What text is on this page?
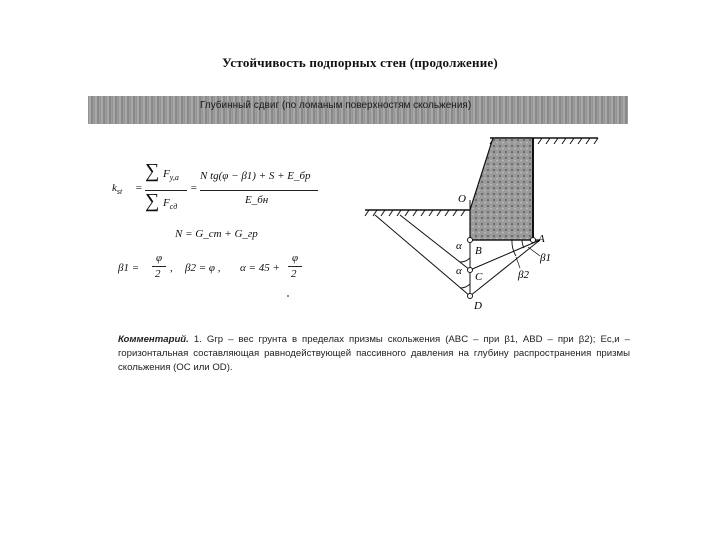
Устойчивость подпорных стен (продолжение)
Глубинный сдвиг (по ломаным поверхностям скольжения)
$k_{st}$ =
∑ $F_{y,a}$
∑ $F_{сд}$
=
N tg(φ − β1) + S + E_бр
E_бн
N = G_ст + G_гр
β1 =
φ
2 , β2 = φ , α = 45 +
φ
2
O
A
B
C
D
α
α
β1
β2
Комментарий. 1. Gгр – вес грунта в пределах призмы скольжения (ABC – при β1, ABD – при β2); Eс,и – горизонтальная составляющая равнодействующей пассивного давления на глубину распространения призмы скольжения (OC или OD).
